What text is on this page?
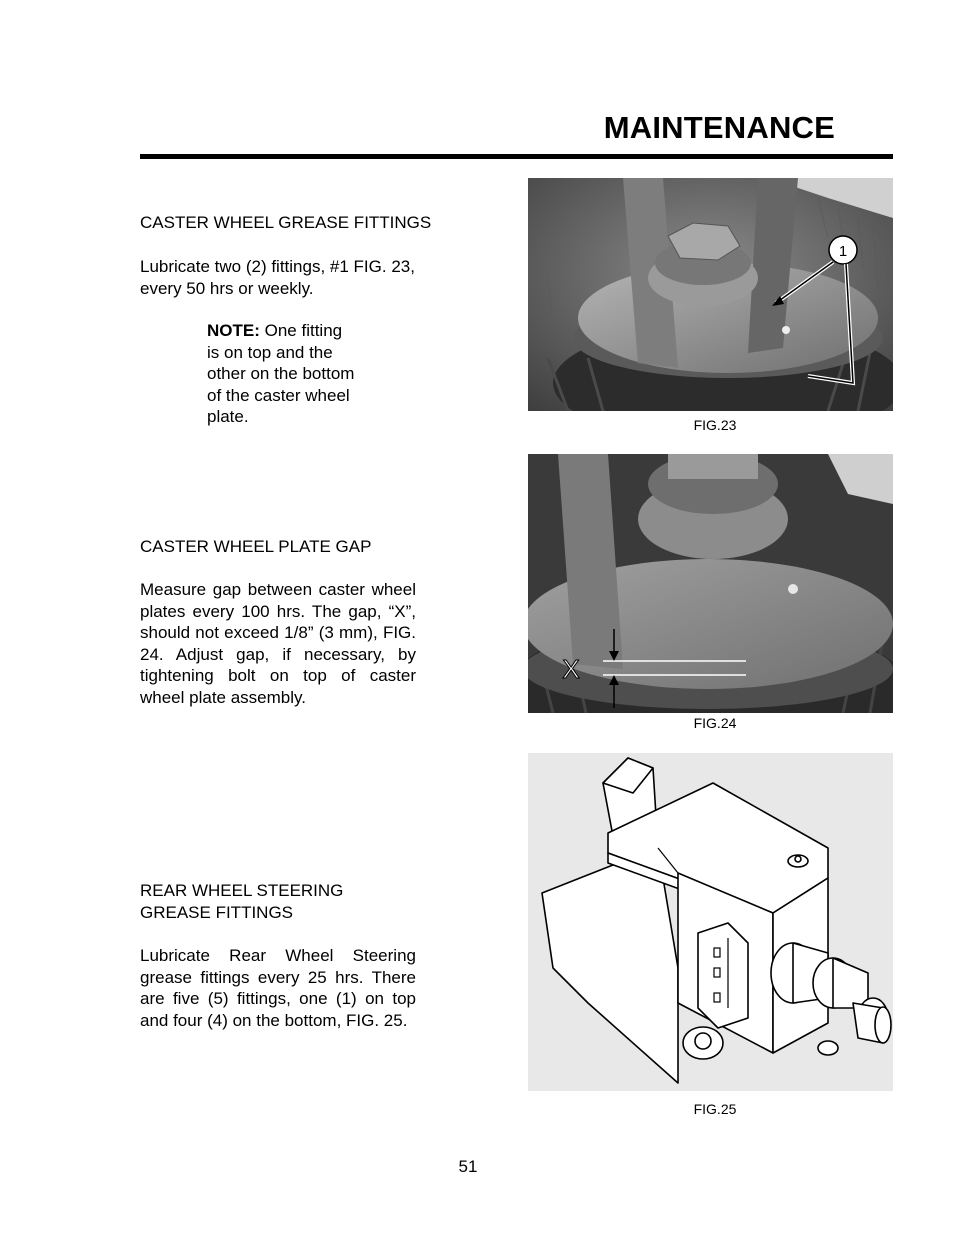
MAINTENANCE
CASTER WHEEL GREASE FITTINGS
Lubricate two (2) fittings, #1 FIG. 23, every 50 hrs or weekly.
NOTE: One fitting is on top and the other on the bottom of the caster wheel plate.
CASTER WHEEL PLATE GAP
Measure gap between caster wheel plates every 100 hrs. The gap, “X”, should not exceed 1/8” (3 mm), FIG. 24. Adjust gap, if necessary, by tightening bolt on top of caster wheel plate assembly.
REAR WHEEL STEERING GREASE FITTINGS
Lubricate Rear Wheel Steering grease fittings every 25 hrs. There are five (5) fittings, one (1) on top and four (4) on the bottom, FIG. 25.
1
FIG.23
X
FIG.24
FIG.25
51
